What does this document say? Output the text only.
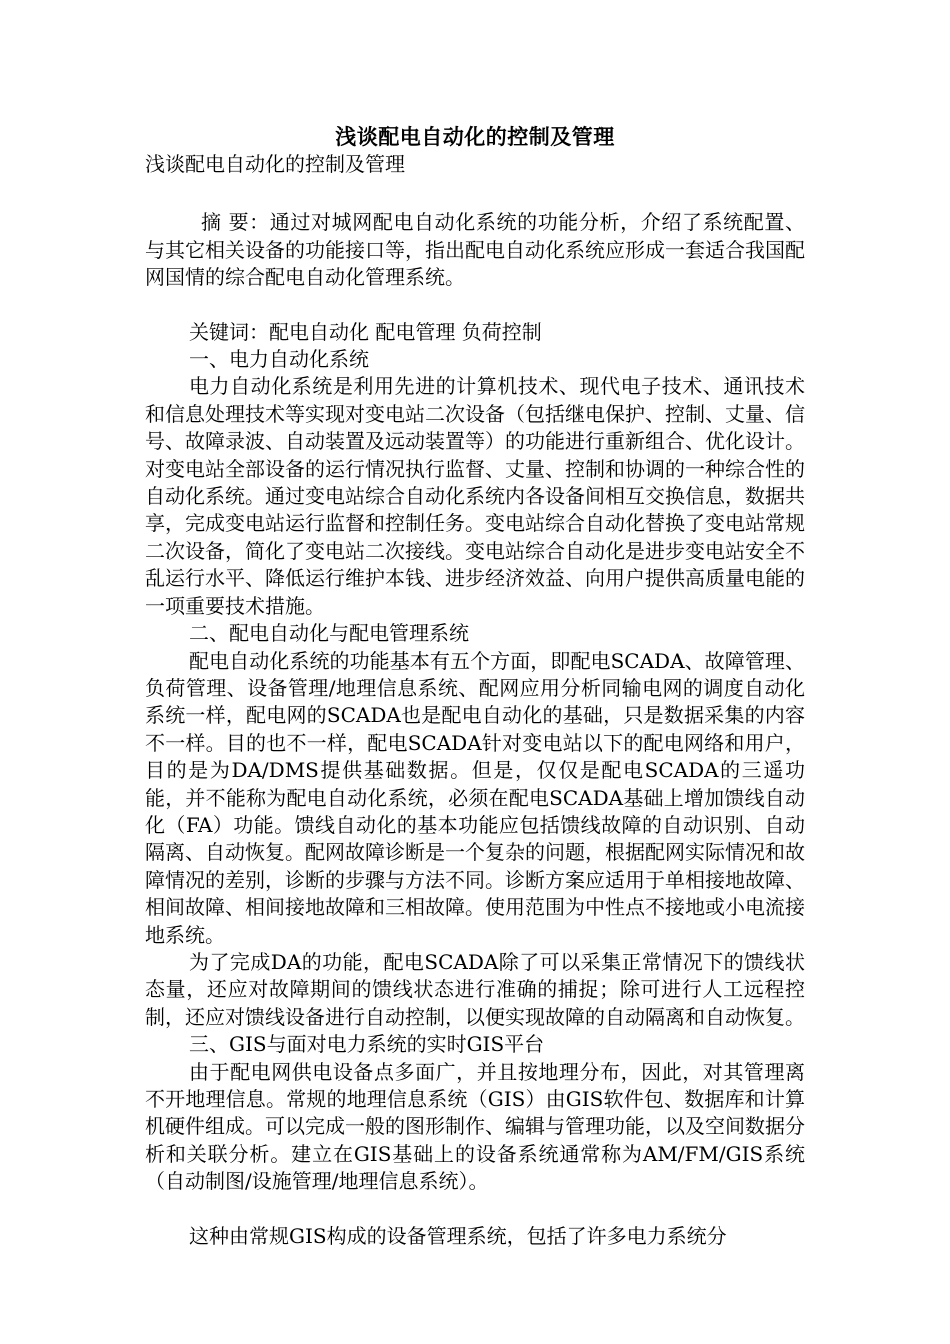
浅谈配电自动化的控制及管理

浅谈配电自动化的控制及管理

摘 要：通过对城网配电自动化系统的功能分析，介绍了系统配置、与其它相关设备的功能接口等，指出配电自动化系统应形成一套适合我国配网国情的综合配电自动化管理系统。

关键词：配电自动化 配电管理 负荷控制

一、电力自动化系统

电力自动化系统是利用先进的计算机技术、现代电子技术、通讯技术和信息处理技术等实现对变电站二次设备（包括继电保护、控制、丈量、信号、故障录波、自动装置及远动装置等）的功能进行重新组合、优化设计。对变电站全部设备的运行情况执行监督、丈量、控制和协调的一种综合性的自动化系统。通过变电站综合自动化系统内各设备间相互交换信息，数据共享，完成变电站运行监督和控制任务。变电站综合自动化替换了变电站常规二次设备，简化了变电站二次接线。变电站综合自动化是进步变电站安全不乱运行水平、降低运行维护本钱、进步经济效益、向用户提供高质量电能的一项重要技术措施。

二、配电自动化与配电管理系统

配电自动化系统的功能基本有五个方面，即配电SCADA、故障管理、负荷管理、设备管理/地理信息系统、配网应用分析同输电网的调度自动化系统一样，配电网的SCADA也是配电自动化的基础，只是数据采集的内容不一样。目的也不一样，配电SCADA针对变电站以下的配电网络和用户，目的是为DA/DMS提供基础数据。但是，仅仅是配电SCADA的三遥功能，并不能称为配电自动化系统，必须在配电SCADA基础上增加馈线自动化（FA）功能。馈线自动化的基本功能应包括馈线故障的自动识别、自动隔离、自动恢复。配网故障诊断是一个复杂的问题，根据配网实际情况和故障情况的差别，诊断的步骤与方法不同。诊断方案应适用于单相接地故障、相间故障、相间接地故障和三相故障。使用范围为中性点不接地或小电流接地系统。

为了完成DA的功能，配电SCADA除了可以采集正常情况下的馈线状态量，还应对故障期间的馈线状态进行准确的捕捉；除可进行人工远程控制，还应对馈线设备进行自动控制，以便实现故障的自动隔离和自动恢复。

三、GIS与面对电力系统的实时GIS平台

由于配电网供电设备点多面广，并且按地理分布，因此，对其管理离不开地理信息。常规的地理信息系统（GIS）由GIS软件包、数据库和计算机硬件组成。可以完成一般的图形制作、编辑与管理功能，以及空间数据分析和关联分析。建立在GIS基础上的设备系统通常称为AM/FM/GIS系统（自动制图/设施管理/地理信息系统）。

这种由常规GIS构成的设备管理系统，包括了许多电力系统分
